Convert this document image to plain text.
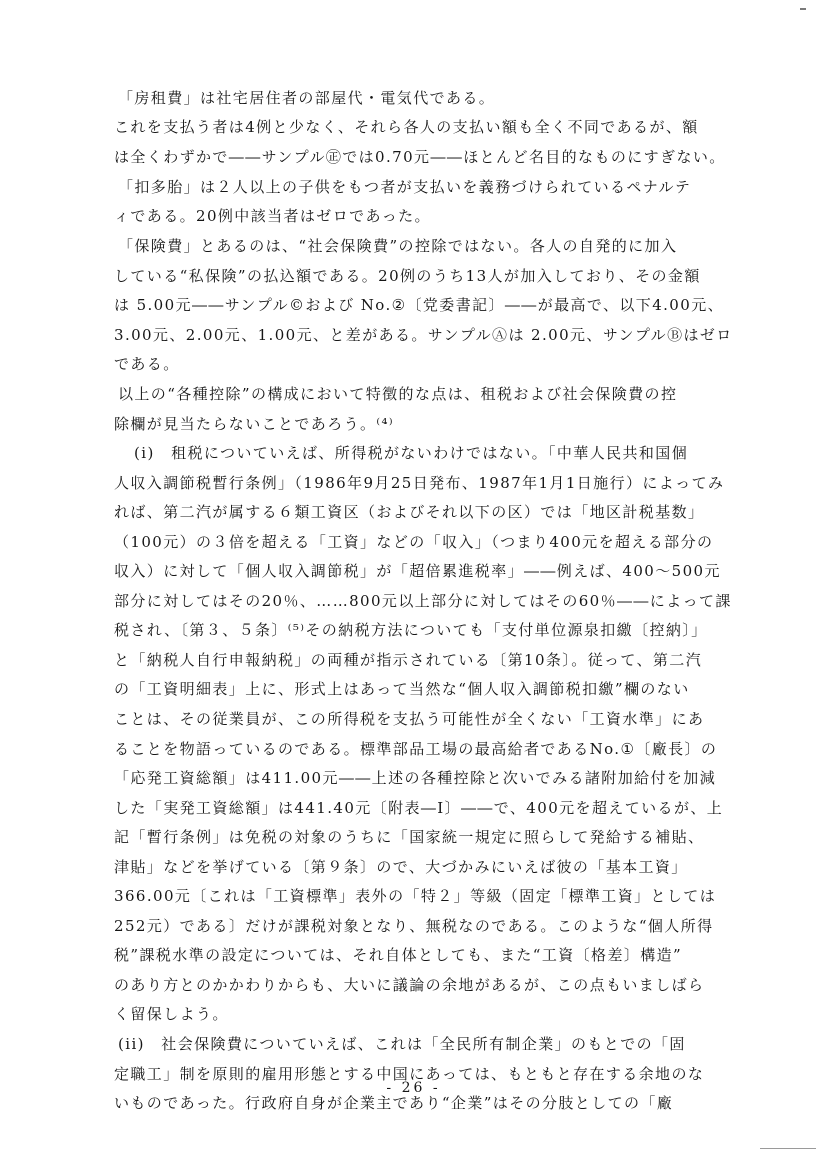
「房租費」は社宅居住者の部屋代・電気代である。
これを支払う者は4例と少なく、それら各人の支払い額も全く不同であるが、額
は全くわずかで――サンプル㊣では0.70元――ほとんど名目的なものにすぎない。
「扣多胎」は２人以上の子供をもつ者が支払いを義務づけられているペナルテ
ィである。20例中該当者はゼロであった。
「保険費」とあるのは、“社会保険費”の控除ではない。各人の自発的に加入
している“私保険”の払込額である。20例のうち13人が加入しており、その金額
は 5.00元――サンプル©および No.②〔党委書記〕――が最高で、以下4.00元、
3.00元、2.00元、1.00元、と差がある。サンプルⒶは 2.00元、サンプルⒷはゼロ
である。
以上の“各種控除”の構成において特徴的な点は、租税および社会保険費の控
除欄が見当たらないことであろう。⁽⁴⁾
(i)　租税についていえば、所得税がないわけではない。「中華人民共和国個
人収入調節税暫行条例」（1986年9月25日発布、1987年1月1日施行）によってみ
れば、第二汽が属する６類工資区（およびそれ以下の区）では「地区計税基数」
（100元）の３倍を超える「工資」などの「収入」（つまり400元を超える部分の
収入）に対して「個人収入調節税」が「超倍累進税率」――例えば、400～500元
部分に対してはその20％、……800元以上部分に対してはその60％――によって課
税され、〔第３、５条〕⁽⁵⁾その納税方法についても「支付単位源泉扣繳〔控納〕」
と「納税人自行申報納税」の両種が指示されている〔第10条〕。従って、第二汽
の「工資明細表」上に、形式上はあって当然な“個人収入調節税扣繳”欄のない
ことは、その従業員が、この所得税を支払う可能性が全くない「工資水準」にあ
ることを物語っているのである。標準部品工場の最高給者であるNo.①〔廠長〕の
「応発工資総額」は411.00元――上述の各種控除と次いでみる諸附加給付を加減
した「実発工資総額」は441.40元〔附表―Ⅰ〕――で、400元を超えているが、上
記「暫行条例」は免税の対象のうちに「国家統一規定に照らして発給する補貼、
津貼」などを挙げている〔第９条〕ので、大づかみにいえば彼の「基本工資」
366.00元〔これは「工資標準」表外の「特２」等級（固定「標準工資」としては
252元）である〕だけが課税対象となり、無税なのである。このような“個人所得
税”課税水準の設定については、それ自体としても、また“工資〔格差〕構造”
のあり方とのかかわりからも、大いに議論の余地があるが、この点もいましばら
く留保しよう。
(ii)　社会保険費についていえば、これは「全民所有制企業」のもとでの「固
定職工」制を原則的雇用形態とする中国にあっては、もともと存在する余地のな
いものであった。行政府自身が企業主であり“企業”はその分肢としての「廠
- 26 -
